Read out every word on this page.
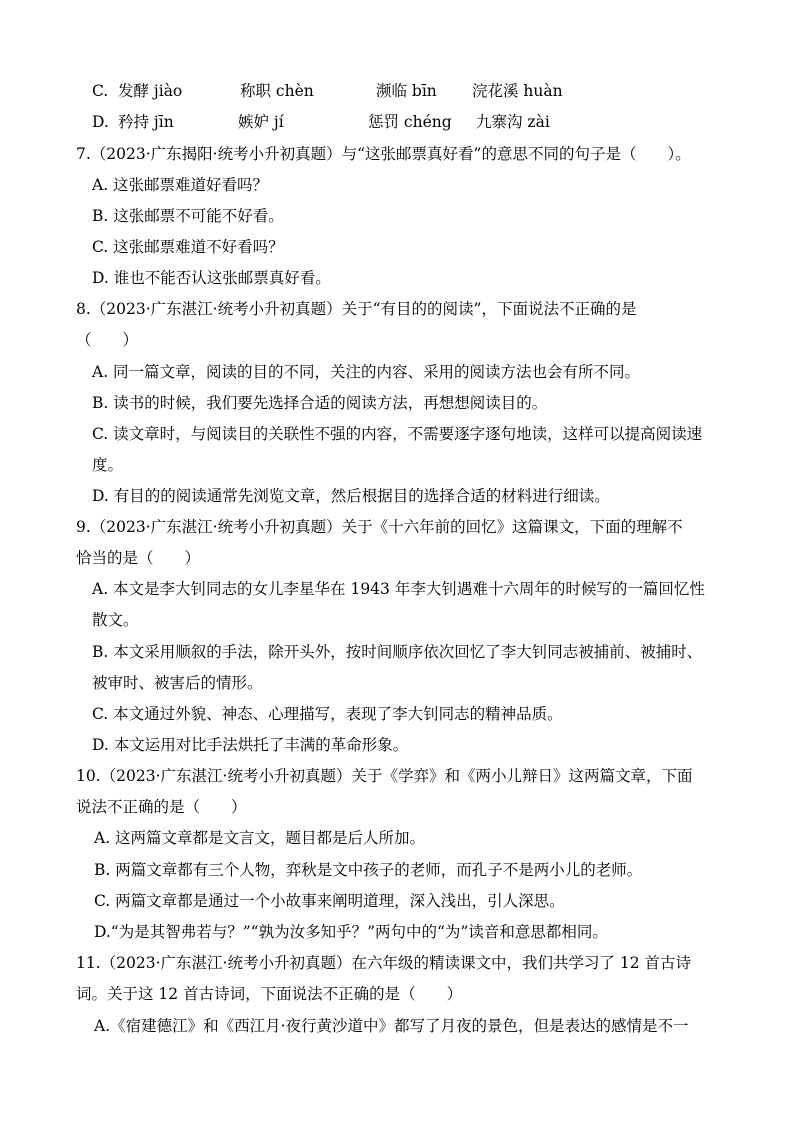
C. 发酵 jiào	称职 chèn	濒临 bīn 浣花溪 huàn
D. 矜持 jīn	嫉妒 jí	惩罚 chéng 九寨沟 zài
7.（2023·广东揭阳·统考小升初真题）与“这张邮票真好看”的意思不同的句子是（　　）。
A. 这张邮票难道好看吗？
B. 这张邮票不可能不好看。
C. 这张邮票难道不好看吗？
D. 谁也不能否认这张邮票真好看。
8.（2023·广东湛江·统考小升初真题）关于“有目的的阅读”，下面说法不正确的是
（　　）
A. 同一篇文章，阅读的目的不同，关注的内容、采用的阅读方法也会有所不同。
B. 读书的时候，我们要先选择合适的阅读方法，再想想阅读目的。
C. 读文章时，与阅读目的关联性不强的内容，不需要逐字逐句地读，这样可以提高阅读速
度。
D. 有目的的阅读通常先浏览文章，然后根据目的选择合适的材料进行细读。
9.（2023·广东湛江·统考小升初真题）关于《十六年前的回忆》这篇课文，下面的理解不
恰当的是（　　）
A. 本文是李大钊同志的女儿李星华在 1943 年李大钊遇难十六周年的时候写的一篇回忆性
散文。
B. 本文采用顺叙的手法，除开头外，按时间顺序依次回忆了李大钊同志被捕前、被捕时、
被审时、被害后的情形。
C. 本文通过外貌、神态、心理描写，表现了李大钊同志的精神品质。
D. 本文运用对比手法烘托了丰满的革命形象。
10.（2023·广东湛江·统考小升初真题）关于《学弈》和《两小儿辩日》这两篇文章，下面
说法不正确的是（　　）
A. 这两篇文章都是文言文，题目都是后人所加。
B. 两篇文章都有三个人物，弈秋是文中孩子的老师，而孔子不是两小儿的老师。
C. 两篇文章都是通过一个小故事来阐明道理，深入浅出，引人深思。
D.“为是其智弗若与？”“孰为汝多知乎？”两句中的“为”读音和意思都相同。
11.（2023·广东湛江·统考小升初真题）在六年级的精读课文中，我们共学习了 12 首古诗
词。关于这 12 首古诗词，下面说法不正确的是（　　）
A.《宿建德江》和《西江月·夜行黄沙道中》都写了月夜的景色，但是表达的感情是不一
